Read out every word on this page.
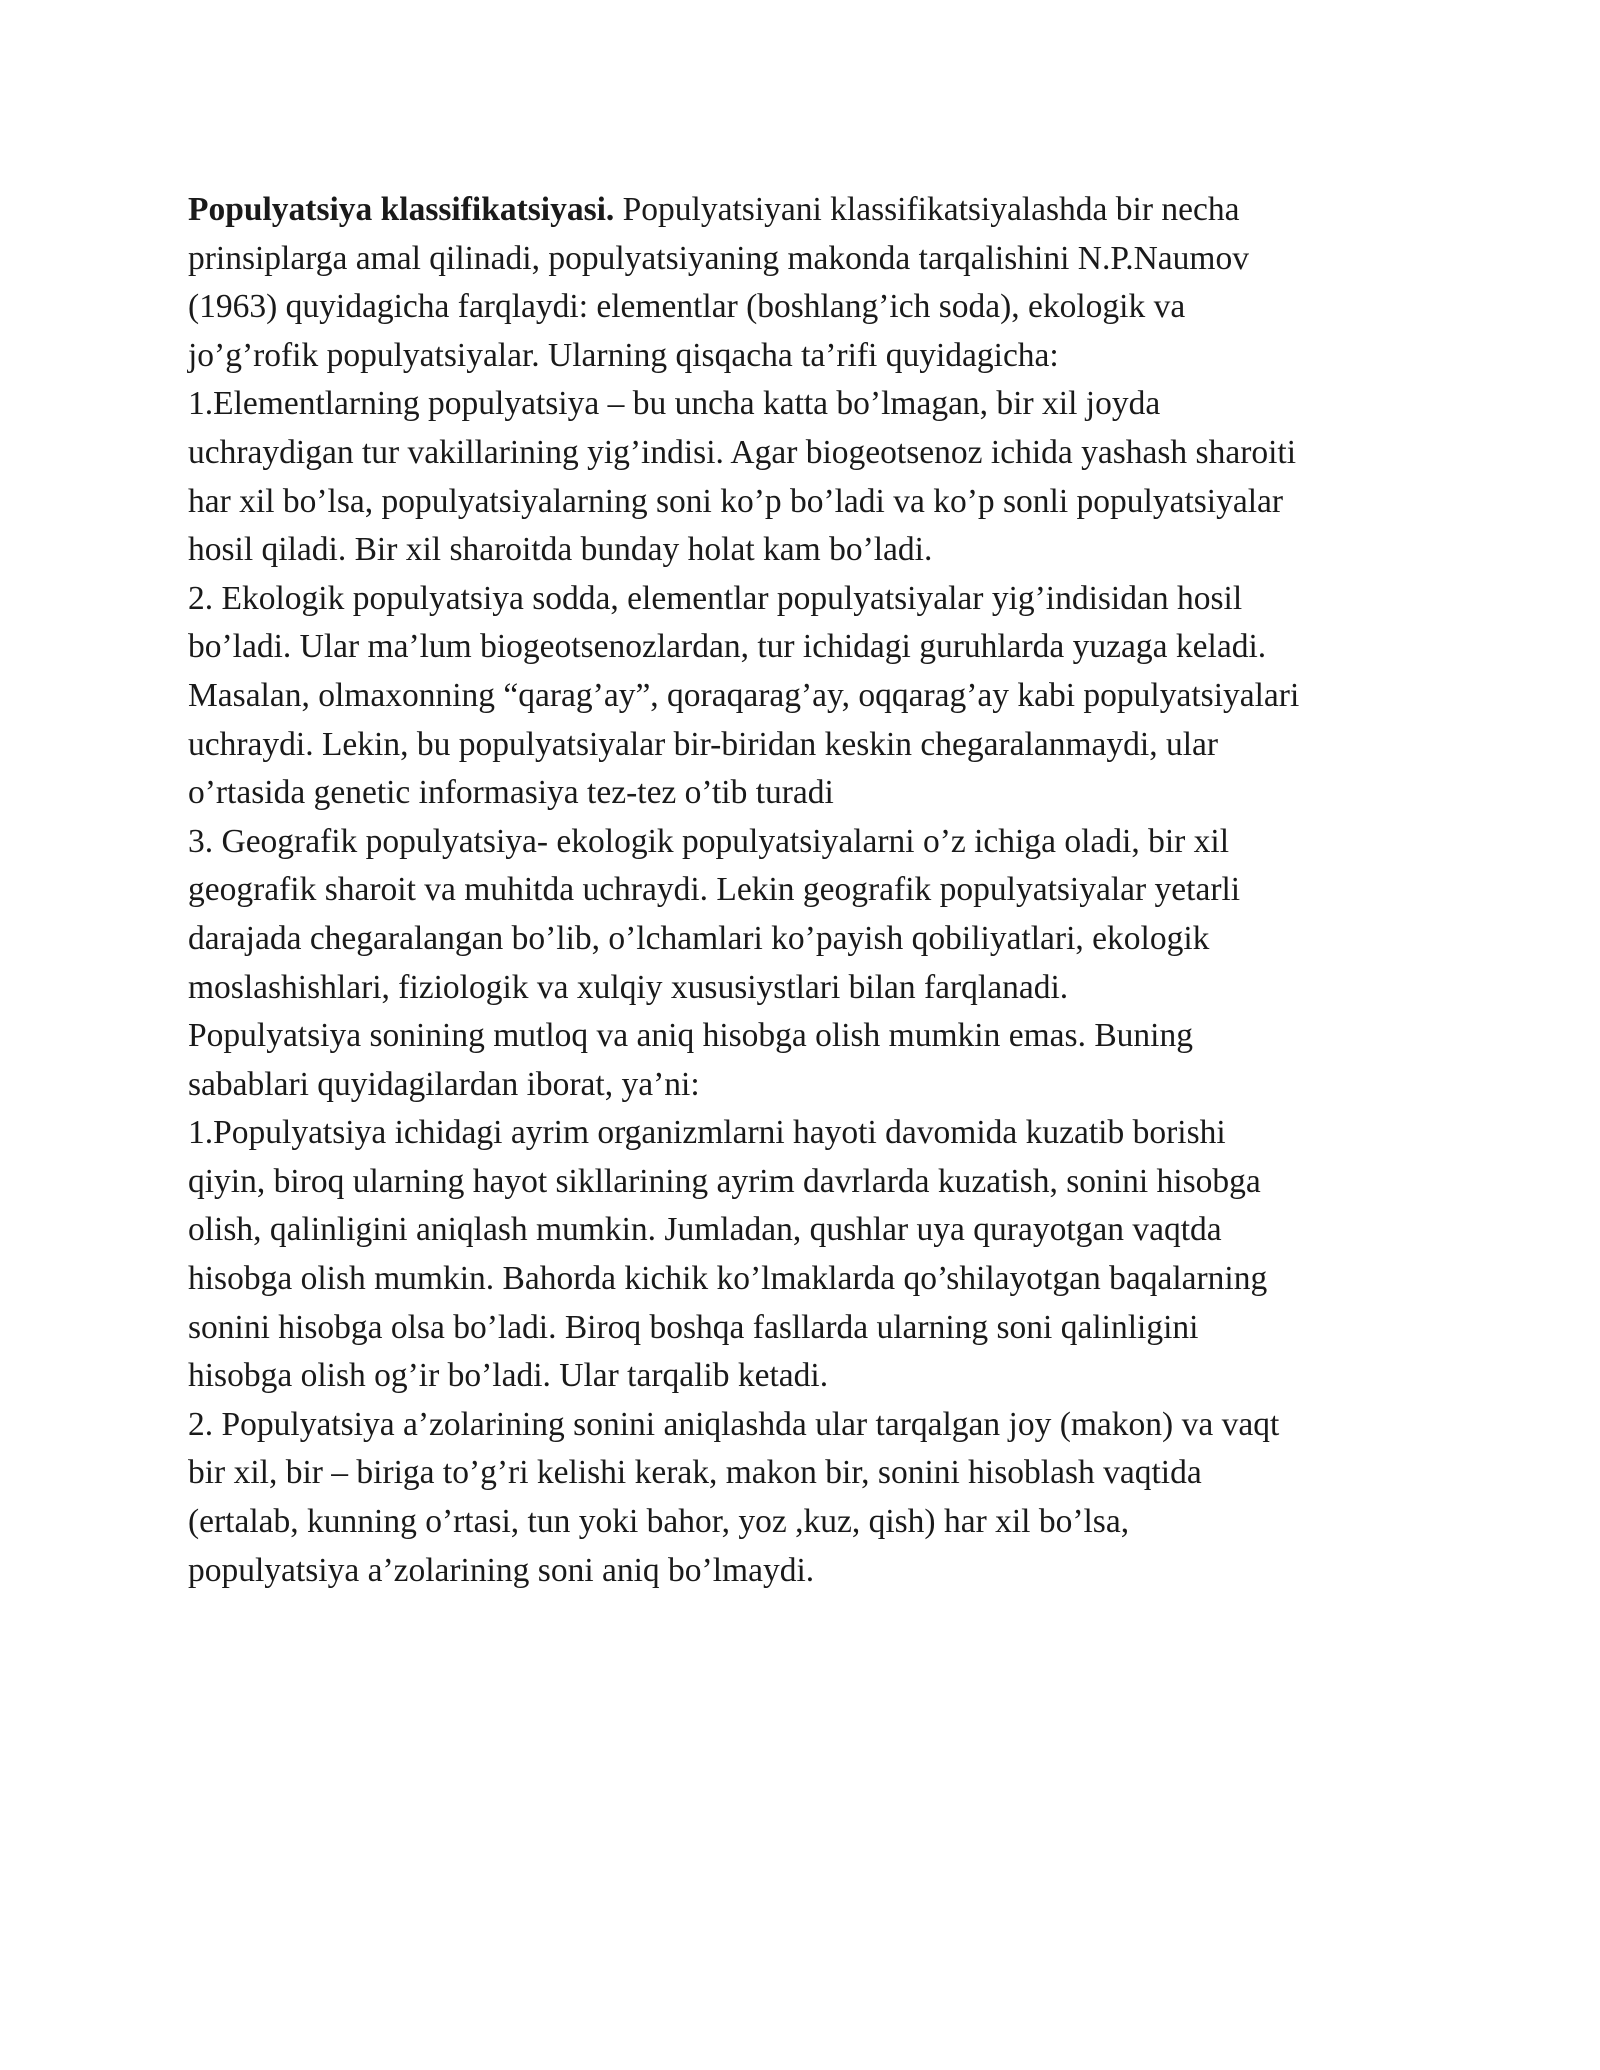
Populyatsiya klassifikatsiyasi. Populyatsiyani klassifikatsiyalashda bir necha
prinsiplarga amal qilinadi, populyatsiyaning makonda tarqalishini N.P.Naumov
(1963) quyidagicha farqlaydi: elementlar (boshlang’ich soda), ekologik va
jo’g’rofik populyatsiyalar. Ularning qisqacha ta’rifi quyidagicha:
1.Elementlarning populyatsiya – bu uncha katta bo’lmagan, bir xil joyda
uchraydigan tur vakillarining yig’indisi. Agar biogeotsenoz ichida yashash sharoiti
har xil bo’lsa, populyatsiyalarning soni ko’p bo’ladi va ko’p sonli populyatsiyalar
hosil qiladi. Bir xil sharoitda bunday holat kam bo’ladi.
2. Ekologik populyatsiya sodda, elementlar populyatsiyalar yig’indisidan hosil
bo’ladi. Ular ma’lum biogeotsenozlardan, tur ichidagi guruhlarda yuzaga keladi.
Masalan, olmaxonning “qarag’ay”, qoraqarag’ay, oqqarag’ay kabi populyatsiyalari
uchraydi. Lekin, bu populyatsiyalar bir-biridan keskin chegaralanmaydi, ular
o’rtasida genetic informasiya tez-tez o’tib turadi
3. Geografik populyatsiya- ekologik populyatsiyalarni o’z ichiga oladi, bir xil
geografik sharoit va muhitda uchraydi. Lekin geografik populyatsiyalar yetarli
darajada chegaralangan bo’lib, o’lchamlari ko’payish qobiliyatlari, ekologik
moslashishlari, fiziologik va xulqiy xususiystlari bilan farqlanadi.
Populyatsiya sonining mutloq va aniq hisobga olish mumkin emas. Buning
sabablari quyidagilardan iborat, ya’ni:
1.Populyatsiya ichidagi ayrim organizmlarni hayoti davomida kuzatib borishi
qiyin, biroq ularning hayot sikllarining ayrim davrlarda kuzatish, sonini hisobga
olish, qalinligini aniqlash mumkin. Jumladan, qushlar uya qurayotgan vaqtda
hisobga olish mumkin. Bahorda kichik ko’lmaklarda qo’shilayotgan baqalarning
sonini hisobga olsa bo’ladi. Biroq boshqa fasllarda ularning soni qalinligini
hisobga olish og’ir bo’ladi. Ular tarqalib ketadi.
2. Populyatsiya a’zolarining sonini aniqlashda ular tarqalgan joy (makon) va vaqt
bir xil, bir – biriga to’g’ri kelishi kerak, makon bir, sonini hisoblash vaqtida
(ertalab, kunning o’rtasi, tun yoki bahor, yoz ,kuz, qish) har xil bo’lsa,
populyatsiya a’zolarining soni aniq bo’lmaydi.
